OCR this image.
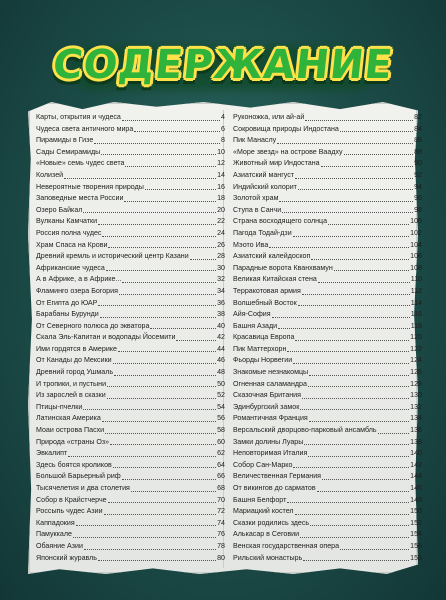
СОДЕРЖАНИЕ
Карты, открытия и чудеса	4
Чудеса света античного мира	6
Пирамиды в Гизе	8
Сады Семирамиды	10
«Новые» семь чудес света	12
Колизей	14
Невероятные творения природы	16
Заповедные места России	18
Озеро Байкал	20
Вулканы Камчатки	22
Россия полна чудес	24
Храм Спаса на Крови	26
Древний кремль и исторический центр Казани	28
Африканские чудеса	30
А в Африке, а в Африке...	32
Фламинго озера Богория	34
От Египта до ЮАР	36
Барабаны Бурунди	38
От Северного полюса до экватора	40
Скала Эль-Капитан и водопады Йосемити	42
Ими гордятся в Америке	44
От Канады до Мексики	46
Древний город Ушмаль	48
И тропики, и пустыни	50
Из зарослей в сказки	52
Птицы-пчелки	54
Латинская Америка	56
Моаи острова Пасхи	58
Природа «страны Оз»	60
Эвкалипт	62
Здесь боятся кроликов	64
Большой Барьерный риф	66
Тысячелетия и два столетия	68
Собор в Крайстчерче	70
Россыпь чудес Азии	72
Каппадокия	74
Памуккале	76
Обаяние Азии	78
Японский журавль	80
Руконожка, или ай-ай	82
Сокровища природы Индостана	84
Пик Манаслу	86
«Море звезд» на острове Ваадху	88
Животный мир Индостана	90
Азиатский мангуст	92
Индийский колорит	94
Золотой храм	96
Ступа в Санчи	98
Страна восходящего солнца	100
Пагода Тодай-дзи	102
Мэото Ива	104
Азиатский калейдоскоп	106
Парадные ворота Кванхвамун	108
Великая Китайская стена	110
Терракотовая армия	112
Волшебный Восток	114
Айя-София	116
Башня Азади	118
Красавица Европа	120
Пик Маттерхорн	122
Фьорды Норвегии	124
Знакомые незнакомцы	126
Огненная саламандра	128
Сказочная Британия	130
Эдинбургский замок	132
Романтичная Франция	134
Версальский дворцово-парковый ансамбль	136
Замки долины Луары	138
Неповторимая Италия	140
Собор Сан-Марко	142
Величественная Германия	144
От викингов до сарматов	146
Башня Белфорт	148
Мариацкий костел	150
Сказки родились здесь	152
Алькасар в Сеговии	154
Венская государственная опера	156
Рильский монастырь	158
